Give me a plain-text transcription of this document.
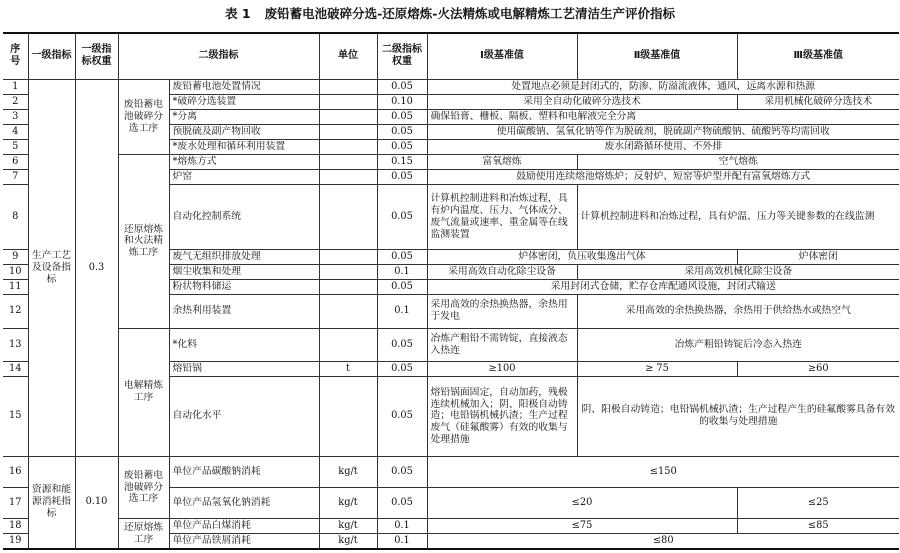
表 1 废铅蓄电池破碎分选-还原熔炼-火法精炼或电解精炼工艺清洁生产评价指标
序号	一级指标	一级指标权重	二级指标		单位	二级指标权重	Ⅰ级基准值	Ⅱ级基准值	Ⅲ级基准值
1	生产工艺及设备指标	0.3	废铅蓄电池破碎分选工序	废铅蓄电池处置情况		0.05	处置地点必须是封闭式的，防渗、防溢流液体，通风，远离水源和热源		
2				*破碎分选装置		0.10	采用全自动化破碎分选技术		采用机械化破碎分选技术
3				*分离		0.05	确保铅膏、栅板、隔板、塑料和电解液完全分离		
4				预脱硫及副产物回收		0.05	使用碳酸钠、氢氧化钠等作为脱硫剂，脱硫副产物硫酸钠、硫酸钙等均需回收		
5				*废水处理和循环利用装置		0.05	废水闭路循环使用、不外排		
6			还原熔炼和火法精炼工序	*熔炼方式		0.15	富氧熔炼	空气熔炼	
7				炉窑		0.05	鼓励使用连续熔池熔炼炉；反射炉、短窑等炉型并配有富氧熔炼方式		
8				自动化控制系统		0.05	计算机控制进料和冶炼过程，具有炉内温度、压力、气体成分、废气流量或速率、重金属等在线监测装置	计算机控制进料和冶炼过程，具有炉温、压力等关键参数的在线监测	
9				废气无组织排放处理		0.05	炉体密闭，负压收集逸出气体		炉体密闭
10				烟尘收集和处理		0.1	采用高效自动化除尘设备	采用高效机械化除尘设备	
11				粉状物料储运		0.05	采用封闭式仓储，贮存仓库配通风设施，封闭式输送		
12				余热利用装置		0.1	采用高效的余热换热器，余热用于发电	采用高效的余热换热器，余热用于供给热水或热空气	
13			电解精炼工序	*化料		0.05	冶炼产粗铅不需铸锭，直接液态入热连	冶炼产粗铅铸锭后冷态入热连	
14				熔铅锅	t	0.05	≥100	≥ 75	≥60
15				自动化水平		0.05	熔铅锅面固定，自动加药，残极连续机械加入；阴、阳极自动铸造；电铅锅机械扒渣；生产过程废气（硅氟酸雾）有效的收集与处理措施	阴、阳极自动铸造；电铅锅机械扒渣；生产过程产生的硅氟酸雾具备有效的收集与处理措施	
16	资源和能源消耗指标	0.10	废铅蓄电池破碎分选工序	单位产品碳酸钠消耗	kg/t	0.05	≤150		
17				单位产品氢氧化钠消耗	kg/t	0.05	≤20		≤25
18			还原熔炼工序	单位产品白煤消耗	kg/t	0.1	≤75		≤85
19				单位产品铁屑消耗	kg/t	0.1	≤80		
